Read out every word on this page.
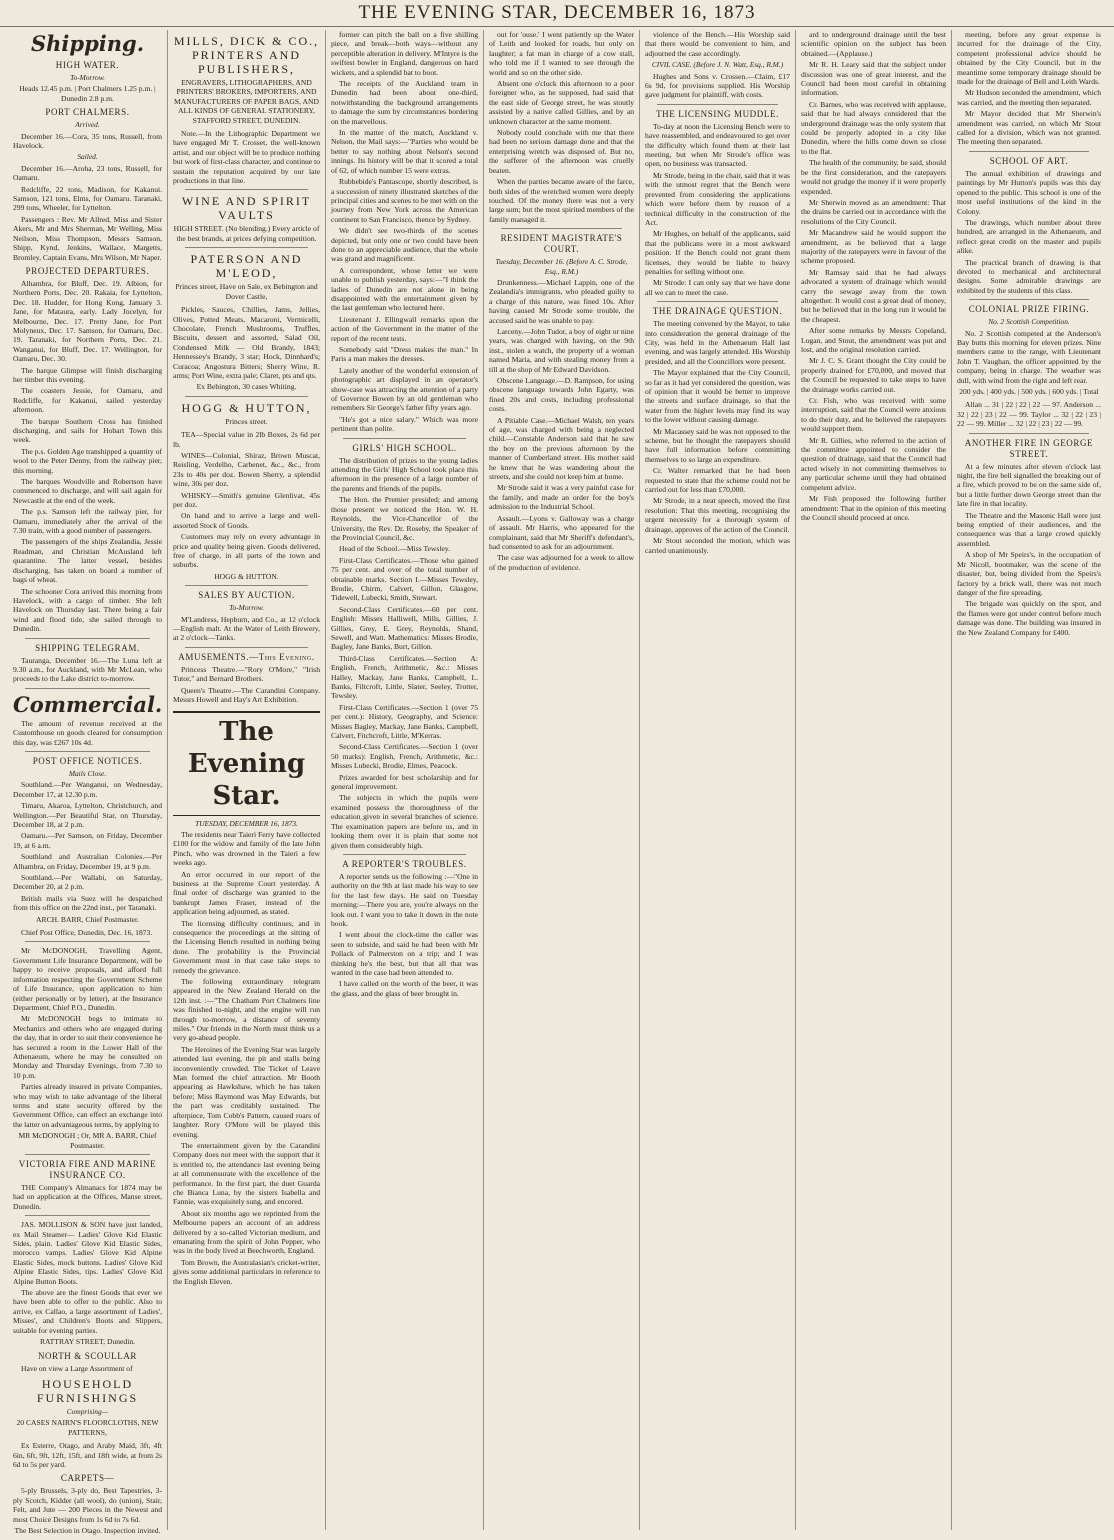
THE EVENING STAR, DECEMBER 16, 1873
Shipping.
HIGH WATER.
To-Morrow.
Heads 12.45 p.m. | Port Chalmers 1.25 p.m. | Dunedin 2.8 p.m.
PORT CHALMERS.
Arrived.
December 16.—Cora, 35 tons, Russell, from Havelock.
Sailed.
December 16.—Aroha, 23 tons, Russell, for Oamaru.
Redcliffe, 22 tons, Madison, for Kakanui. Samson, 121 tons, Elms, for Oamaru. Taranaki, 299 tons, Wheeler, for Lyttelton.
Passengers : Rev. Mr Allred, Miss and Sister Akers, Mr and Mrs Sherman, Mr Welling, Miss Neilson, Miss Thompson, Messrs Samson, Shipp, Kynd, Jenkins, Wallace, Margetts, Bromley, Captain Evans, Mrs Wilson, Mr Naper.
PROJECTED DEPARTURES.
Alhambra, for Bluff, Dec. 19. Albion, for Northern Ports, Dec. 20. Rakaia, for Lyttelton, Dec. 18. Hudder, for Hong Kong, January 3. Jane, for Mataura, early. Lady Jocelyn, for Melbourne, Dec. 17. Pretty Jane, for Port Molyneux, Dec. 17. Samson, for Oamaru, Dec. 19. Taranaki, for Northern Ports, Dec. 21. Wanganui, for Bluff, Dec. 17. Wellington, for Oamaru, Dec. 30.
The barque Glimpse will finish discharging her timber this evening.
The coasters Jessie, for Oamaru, and Redcliffe, for Kakanui, sailed yesterday afternoon.
The barque Southern Cross has finished discharging, and sails for Hobart Town this week.
The p.s. Golden Age transhipped a quantity of wool to the Peter Denny, from the railway pier, this morning.
The barques Woodville and Robertson have commenced to discharge, and will sail again for Newcastle at the end of the week.
The p.s. Samson left the railway pier, for Oamaru, immediately after the arrival of the 7.30 train, with a good number of passengers.
The passengers of the ships Zealandia, Jessie Readman, and Christian McAusland left quarantine. The latter vessel, besides discharging, has taken on board a number of bags of wheat.
The schooner Cora arrived this morning from Havelock, with a cargo of timber. She left Havelock on Thursday last. There being a fair wind and flood tide, she sailed through to Dunedin.
SHIPPING TELEGRAM.
Tauranga, December 16.—The Luna left at 9.30 a.m., for Auckland, with Mr McLean, who proceeds to the Lake district to-morrow.
Commercial.
The amount of revenue received at the Customhouse on goods cleared for consumption this day, was £267 10s 4d.
POST OFFICE NOTICES.
Mails Close.
Southland.—Per Wanganui, on Wednesday, December 17, at 12.30 p.m.
Timaru, Akaroa, Lyttelton, Christchurch, and Wellington.—Per Beautiful Star, on Thursday, December 18, at 2 p.m.
Oamaru.—Per Samson, on Friday, December 19, at 6 a.m.
Southland and Australian Colonies.—Per Alhambra, on Friday, December 19, at 9 p.m.
Southland.—Per Wallabi, on Saturday, December 20, at 2 p.m.
British mails via Suez will be despatched from this office on the 22nd inst., per Taranaki.
ARCH. BARR, Chief Postmaster.
Chief Post Office, Dunedin, Dec. 16, 1873.
Mr McDONOGH, Travelling Agent, Government Life Insurance Department, will be happy to receive proposals, and afford full information respecting the Government Scheme of Life Insurance, upon application to him (either personally or by letter), at the Insurance Department, Chief P.O., Dunedin.
Mr McDONOGH begs to intimate to Mechanics and others who are engaged during the day, that in order to suit their convenience he has secured a room in the Lower Hall of the Athenaeum, where he may be consulted on Monday and Thursday Evenings, from 7.30 to 10 p.m.
Parties already insured in private Companies, who may wish to take advantage of the liberal terms and state security offered by the Government Office, can effect an exchange into the latter on advantageous terms, by applying to
MR McDONOGH ; Or, MR A. BARR, Chief Postmaster.
VICTORIA FIRE AND MARINE INSURANCE CO.
THE Company's Almanacs for 1874 may be had on application at the Offices, Manse street, Dunedin.
JAS. MOLLISON & SON have just landed, ex Mail Steamer— Ladies' Glove Kid Elastic Sides, plain. Ladies' Glove Kid Elastic Sides, morocco vamps. Ladies' Glove Kid Alpine Elastic Sides, mock buttons. Ladies' Glove Kid Alpine Elastic Sides, tips. Ladies' Glove Kid Alpine Button Boots.
The above are the finest Goods that ever we have been able to offer to the public. Also to arrive, ex Callao, a large assortment of Ladies', Misses', and Children's Boots and Slippers, suitable for evening parties.
RATTRAY STREET, Dunedin.
NORTH & SCOULLAR
Have on view a Large Assortment of
HOUSEHOLD FURNISHINGS
Comprising—
20 CASES NAIRN'S FLOORCLOTHS, NEW PATTERNS,
Ex Esterre, Otago, and Araby Maid, 3ft, 4ft 6in, 6ft, 9ft, 12ft, 15ft, and 18ft wide, at from 2s 6d to 5s per yard.
CARPETS—
5-ply Brussels, 3-ply do, Best Tapestries, 3-ply Scotch, Kidder (all wool), do (union), Stair, Felt, and Jute — 200 Pieces in the Newest and most Choice Designs from 1s 6d to 7s 6d.
The Best Selection in Otago. Inspection invited.
MILLS, DICK & CO., PRINTERS AND PUBLISHERS,
ENGRAVERS, LITHOGRAPHERS, AND PRINTERS' BROKERS, IMPORTERS, AND MANUFACTURERS OF PAPER BAGS, AND ALL KINDS OF GENERAL STATIONERY, STAFFORD STREET, DUNEDIN.
Note.—In the Lithographic Department we have engaged Mr T. Crosset, the well-known artist, and our object will be to produce nothing but work of first-class character, and continue to sustain the reputation acquired by our late productions in that line.
WINE AND SPIRIT VAULTS
HIGH STREET. (No blending.) Every article of the best brands, at prices defying competition.
PATERSON AND M'LEOD,
Princes street, Have on Sale, ex Bebington and Dover Castle,
Pickles, Sauces, Chillies, Jams, Jellies, Olives, Potted Meats, Macaroni, Vermicelli, Chocolate, French Mushrooms, Truffles, Biscuits, dessert and assorted, Salad Oil, Condensed Milk — Old Brandy, 1843; Hennessey's Brandy, 3 star; Hock, Dinnhard's; Curacoa; Angostura Bitters; Sherry Wine, R. arms; Port Wine, extra pale; Claret, pts and qts.
Ex Bebington, 30 cases Whiting.
HOGG & HUTTON,
Princes street.
TEA—Special value in 2lb Boxes, 2s 6d per lb.
WINES—Colonial, Shiraz, Brown Muscat, Reisling, Verdelho, Carbenet, &c., &c., from 23s to 40s per doz. Bowen Sherry, a splendid wine, 30s per doz.
WHISKY—Smith's genuine Glenlivat, 45s per doz.
On hand and to arrive a large and well-assorted Stock of Goods.
Customers may rely on every advantage in price and quality being given. Goods delivered, free of charge, in all parts of the town and suburbs.
HOGG & HUTTON.
SALES BY AUCTION.
To-Morrow.
M'Landress, Hepburn, and Co., at 12 o'clock—English malt. At the Water of Leith Brewery, at 2 o'clock—Tanks.
AMUSEMENTS.—This Evening.
Princess Theatre.—"Rory O'More," "Irish Tutor," and Bernard Brothers.
Queen's Theatre.—The Carandini Company. Messrs Howell and Hay's Art Exhibition.
The Evening Star.
TUESDAY, DECEMBER 16, 1873.
The residents near Taieri Ferry have collected £100 for the widow and family of the late John Pinch, who was drowned in the Taieri a few weeks ago.
An error occurred in our report of the business at the Supreme Court yesterday. A final order of discharge was granted to the bankrupt James Fraser, instead of the application being adjourned, as stated.
The licensing difficulty continues, and in consequence the proceedings at the sitting of the Licensing Bench resulted in nothing being done. The probability is the Provincial Government must in that case take steps to remedy the grievance.
The following extraordinary telegram appeared in the New Zealand Herald on the 12th inst. :—"The Chatham Port Chalmers line was finished to-night, and the engine will run through to-morrow, a distance of seventy miles." Our friends in the North must think us a very go-ahead people.
The Heroines of the Evening Star was largely attended last evening, the pit and stalls being inconveniently crowded. The Ticket of Leave Man formed the chief attraction. Mr Booth appearing as Hawkshaw, which he has taken before; Miss Raymond was May Edwards, but the part was creditably sustained. The afterpiece, Tom Cobb's Pattern, caused roars of laughter. Rory O'More will be played this evening.
The entertainment given by the Carandini Company does not meet with the support that it is entitled to, the attendance last evening being at all commensurate with the excellence of the performance. In the first part, the duet Guarda che Bianca Luna, by the sisters Isabella and Fannie, was exquisitely sung, and encored.
About six months ago we reprinted from the Melbourne papers an account of an address delivered by a so-called Victorian medium, and emanating from the spirit of John Pepper, who was in the body lived at Beechworth, England.
Tom Brown, the Australasian's cricket-writer, gives some additional particulars in reference to the English Eleven.
former can pitch the ball on a five shilling piece, and break—both ways—without any perceptible alteration in delivery. M'Intyre is the swiftest bowler in England, dangerous on hard wickets, and a splendid bat to boot.
The receipts of the Auckland team in Dunedin had been about one-third, notwithstanding the background arrangements to damage the sum by circumstances bordering on the marvellous.
In the matter of the match, Auckland v. Nelson, the Mail says:—"Parties who would be better to say nothing about Nelson's second innings. Its history will be that it scored a total of 62, of which number 15 were extras.
Rubbebide's Pantascope, shortly described, is a succession of ninety illustrated sketches of the principal cities and scenes to be met with on the journey from New York across the American continent to San Francisco, thence by Sydney.
We didn't see two-thirds of the scenes depicted, but only one or two could have been done to an appreciable audience, that the whole was grand and magnificent.
A correspondent, whose letter we were unable to publish yesterday, says:—"I think the ladies of Dunedin are not alone in being disappointed with the entertainment given by the last gentleman who lectured here.
Lieutenant J. Ellingwall remarks upon the action of the Government in the matter of the report of the recent tests.
Somebody said "Dress makes the man." In Paris a man makes the dresses.
Lately another of the wonderful extension of photographic art displayed in an operator's show-case was attracting the attention of a party of Governor Bowen by an old gentleman who remembers Sir George's father fifty years ago.
"He's got a nice salary." Which was more pertinent than polite.
GIRLS' HIGH SCHOOL.
The distribution of prizes to the young ladies attending the Girls' High School took place this afternoon in the presence of a large number of the parents and friends of the pupils.
The Hon. the Premier presided; and among those present we noticed the Hon. W. H. Reynolds, the Vice-Chancellor of the University, the Rev. Dr. Roseby, the Speaker of the Provincial Council, &c.
Head of the School.—Miss Tewsley.
First-Class Certificates.—Those who gained 75 per cent. and over of the total number of obtainable marks. Section I.—Misses Tewsley, Brodie, Chirm, Calvert, Gillon, Glasgow, Tidewell, Lubecki, Smith, Stewart.
Second-Class Certificates.—60 per cent. English: Misses Halliwell, Mills, Gillies, J. Gillies, Grey, E. Grey, Reynolds, Shand, Sewell, and Watt. Mathematics: Misses Brodie, Bagley, Jane Banks, Burt, Gillon.
Third-Class Certificates.—Section A: English, French, Arithmetic, &c.: Misses Halley, Mackay, Jane Banks, Campbell, L. Banks, Filtcroft, Little, Slater, Seeley, Trotter, Tewsley.
First-Class Certificates.—Section 1 (over 75 per cent.): History, Geography, and Science: Misses Bagley, Mackay, Jane Banks, Campbell, Calvert, Fitchcroft, Little, M'Kerras.
Second-Class Certificates.—Section 1 (over 50 marks): English, French, Arithmetic, &c.: Misses Lubecki, Brodie, Elmes, Peacock.
Prizes awarded for best scholarship and for general improvement.
The subjects in which the pupils were examined possess the thoroughness of the education given in several branches of science. The examination papers are before us, and in looking them over it is plain that some not given them considerably high.
A REPORTER'S TROUBLES.
A reporter sends us the following :—"One in authority on the 9th at last made his way to see for the last few days. He said on Tuesday morning:—There you are, you're always on the look out. I want you to take it down in the note book.
I went about the clock-time the caller was seen to subside, and said he had been with Mr Pollack of Palmerston on a trip; and I was thinking he's the best, but that all that was wanted in the case had been attended to.
I have called on the worth of the beer, it was the glass, and the glass of beer brought in.
out for 'ouse.' I went patiently up the Water of Leith and looked for roads, but only on laughter; a fat man in charge of a cow stall, who told me if I wanted to see through the world and so on the other side.
Absent one o'clock this afternoon to a poor foreigner who, as he supposed, had said that the east side of George street, he was stoutly assisted by a native called Gillies, and by an unknown character at the same moment.
Nobody could conclude with me that there had been no serious damage done and that the enterprising wretch was disposed of. But no, the sufferer of the afternoon was cruelly beaten.
When the parties became aware of the farce, both sides of the wretched women were deeply touched. Of the money there was not a very large sum; but the most spirited members of the family managed it.
RESIDENT MAGISTRATE'S COURT.
Tuesday, December 16. (Before A. C. Strode, Esq., R.M.)
Drunkenness.—Michael Lappin, one of the Zealandia's immigrants, who pleaded guilty to a charge of this nature, was fined 10s. After having caused Mr Strode some trouble, the accused said he was unable to pay.
Larceny.—John Tudor, a boy of eight or nine years, was charged with having, on the 9th inst., stolen a watch, the property of a woman named Maria, and with stealing money from a till at the shop of Mr Edward Davidson.
Obscene Language.—D. Rampson, for using obscene language towards John Egarty, was fined 20s and costs, including professional costs.
A Pitiable Case.—Michael Walsh, ten years of age, was charged with being a neglected child.—Constable Anderson said that he saw the boy on the previous afternoon by the manner of Cumberland street. His mother said he knew that he was wandering about the streets, and she could not keep him at home.
Mr Strode said it was a very painful case for the family, and made an order for the boy's admission to the Industrial School.
Assault.—Lyons v. Galloway was a charge of assault. Mr Harris, who appeared for the complainant, said that Mr Sheriff's defendant's, had consented to ask for an adjournment.
The case was adjourned for a week to allow of the production of evidence.
violence of the Bench.—His Worship said that there would be convenient to him, and adjourned the case accordingly.
CIVIL CASE. (Before J. N. Watt, Esq., R.M.)
Hughes and Sons v. Crossen.—Claim, £17 6s 9d, for provisions supplied. His Worship gave judgment for plaintiff, with costs.
THE LICENSING MUDDLE.
To-day at noon the Licensing Bench were to have reassembled, and endeavoured to get over the difficulty which found them at their last meeting, but when Mr Strode's office was open, no business was transacted.
Mr Strode, being in the chair, said that it was with the utmost regret that the Bench were prevented from considering the applications which were before them by reason of a technical difficulty in the construction of the Act.
Mr Hughes, on behalf of the applicants, said that the publicans were in a most awkward position. If the Bench could not grant them licenses, they would be liable to heavy penalties for selling without one.
Mr Strode: I can only say that we have done all we can to meet the case.
THE DRAINAGE QUESTION.
The meeting convened by the Mayor, to take into consideration the general drainage of the City, was held in the Athenaeum Hall last evening, and was largely attended. His Worship presided, and all the Councillors were present.
The Mayor explained that the City Council, so far as it had yet considered the question, was of opinion that it would be better to improve the streets and surface drainage, so that the water from the higher levels may find its way to the lower without causing damage.
Mr Macassey said he was not opposed to the scheme, but he thought the ratepayers should have full information before committing themselves to so large an expenditure.
Cr. Walter remarked that he had been requested to state that the scheme could not be carried out for less than £70,000.
Mr Strode, in a neat speech, moved the first resolution: That this meeting, recognising the urgent necessity for a thorough system of drainage, approves of the action of the Council.
Mr Stout seconded the motion, which was carried unanimously.
ard to underground drainage until the best scientific opinion on the subject has been obtained.—(Applause.)
Mr R. H. Leary said that the subject under discussion was one of great interest, and the Council had been most careful in obtaining information.
Cr. Barnes, who was received with applause, said that he had always considered that the underground drainage was the only system that could be properly adopted in a city like Dunedin, where the hills come down so close to the flat.
The health of the community, he said, should be the first consideration, and the ratepayers would not grudge the money if it were properly expended.
Mr Sherwin moved as an amendment: That the drains be carried out in accordance with the resolutions of the City Council.
Mr Macandrew said he would support the amendment, as he believed that a large majority of the ratepayers were in favour of the scheme proposed.
Mr Ramsay said that he had always advocated a system of drainage which would carry the sewage away from the town altogether. It would cost a great deal of money, but he believed that in the long run it would be the cheapest.
After some remarks by Messrs Copeland, Logan, and Stout, the amendment was put and lost, and the original resolution carried.
Mr J. C. S. Grant thought the City could be properly drained for £70,000, and moved that the Council be requested to take steps to have the drainage works carried out.
Cr. Fish, who was received with some interruption, said that the Council were anxious to do their duty, and he believed the ratepayers would support them.
Mr R. Gillies, who referred to the action of the committee appointed to consider the question of drainage, said that the Council had acted wisely in not committing themselves to any particular scheme until they had obtained competent advice.
Mr Fish proposed the following further amendment: That in the opinion of this meeting the Council should proceed at once.
meeting, before any great expense is incurred for the drainage of the City, competent professional advice should be obtained by the City Council, but in the meantime some temporary drainage should be made for the drainage of Bell and Leith Wards.
Mr Hudson seconded the amendment, which was carried, and the meeting then separated.
Mr Mayor decided that Mr Sherwin's amendment was carried, on which Mr Stout called for a division, which was not granted. The meeting then separated.
SCHOOL OF ART.
The annual exhibition of drawings and paintings by Mr Hutton's pupils was this day opened to the public. This school is one of the most useful institutions of the kind in the Colony.
The drawings, which number about three hundred, are arranged in the Athenaeum, and reflect great credit on the master and pupils alike.
The practical branch of drawing is that devoted to mechanical and architectural designs. Some admirable drawings are exhibited by the students of this class.
COLONIAL PRIZE FIRING.
No. 2 Scottish Competition.
No. 2 Scottish competed at the Anderson's Bay butts this morning for eleven prizes. Nine members came to the range, with Lieutenant John T. Vaughan, the officer appointed by the company, being in charge. The weather was dull, with wind from the right and left rear.
200 yds. | 400 yds. | 500 yds. | 600 yds. | Total
Allan ... 31 | 22 | 22 | 22 — 97. Anderson ... 32 | 22 | 23 | 22 — 99. Taylor ... 32 | 22 | 23 | 22 — 99. Miller ... 32 | 22 | 23 | 22 — 99.
ANOTHER FIRE IN GEORGE STREET.
At a few minutes after eleven o'clock last night, the fire bell signalled the breaking out of a fire, which proved to be on the same side of, but a little further down George street than the late fire in that locality.
The Theatre and the Masonic Hall were just being emptied of their audiences, and the consequence was that a large crowd quickly assembled.
A shop of Mr Speirs's, in the occupation of Mr Nicoll, bootmaker, was the scene of the disaster, but, being divided from the Speirs's factory by a brick wall, there was not much danger of the fire spreading.
The brigade was quickly on the spot, and the flames were got under control before much damage was done. The building was insured in the New Zealand Company for £400.
